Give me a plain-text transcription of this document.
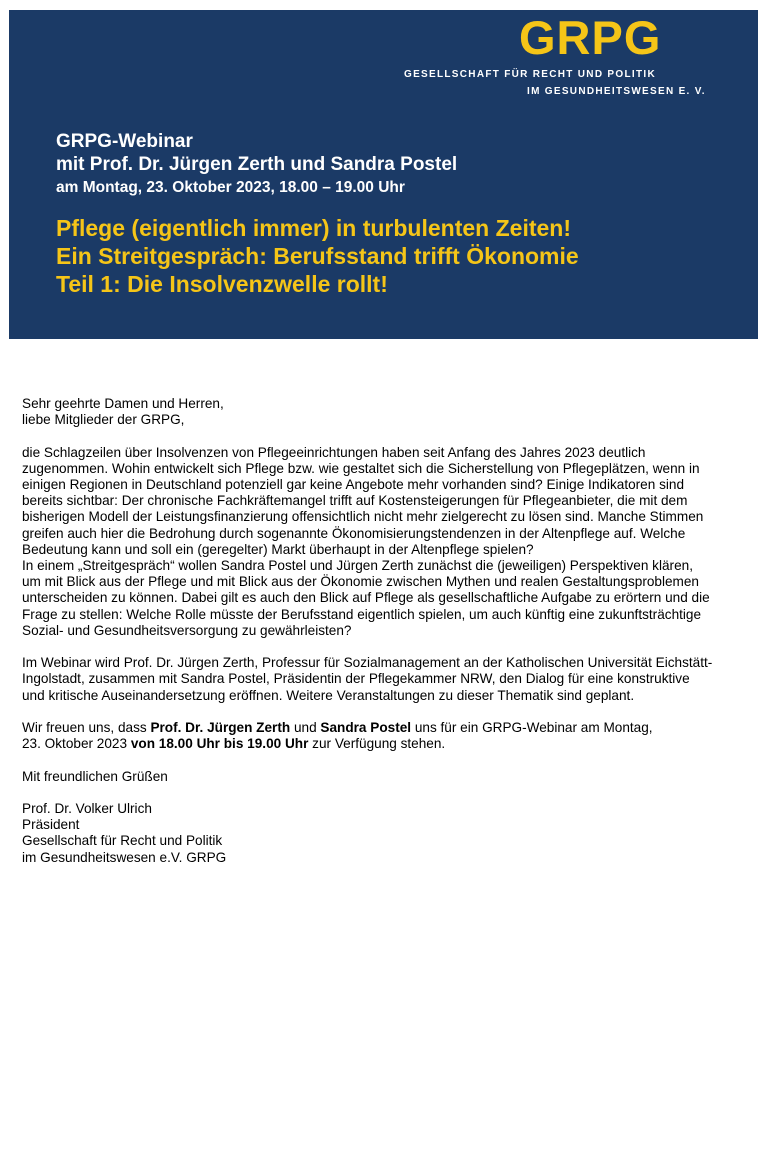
GRPG
GESELLSCHAFT FÜR RECHT UND POLITIK
IM GESUNDHEITSWESEN E. V.
GRPG-Webinar
mit Prof. Dr. Jürgen Zerth und Sandra Postel
am Montag, 23. Oktober 2023, 18.00 – 19.00 Uhr
Pflege (eigentlich immer) in turbulenten Zeiten!
Ein Streitgespräch: Berufsstand trifft Ökonomie
Teil 1: Die Insolvenzwelle rollt!

Sehr geehrte Damen und Herren,
liebe Mitglieder der GRPG,

die Schlagzeilen über Insolvenzen von Pflegeeinrichtungen haben seit Anfang des Jahres 2023 deutlich
zugenommen. Wohin entwickelt sich Pflege bzw. wie gestaltet sich die Sicherstellung von Pflegeplätzen, wenn in
einigen Regionen in Deutschland potenziell gar keine Angebote mehr vorhanden sind? Einige Indikatoren sind
bereits sichtbar: Der chronische Fachkräftemangel trifft auf Kostensteigerungen für Pflegeanbieter, die mit dem
bisherigen Modell der Leistungsfinanzierung offensichtlich nicht mehr zielgerecht zu lösen sind. Manche Stimmen
greifen auch hier die Bedrohung durch sogenannte Ökonomisierungstendenzen in der Altenpflege auf. Welche
Bedeutung kann und soll ein (geregelter) Markt überhaupt in der Altenpflege spielen?
In einem „Streitgespräch“ wollen Sandra Postel und Jürgen Zerth zunächst die (jeweiligen) Perspektiven klären,
um mit Blick aus der Pflege und mit Blick aus der Ökonomie zwischen Mythen und realen Gestaltungsproblemen
unterscheiden zu können. Dabei gilt es auch den Blick auf Pflege als gesellschaftliche Aufgabe zu erörtern und die
Frage zu stellen: Welche Rolle müsste der Berufsstand eigentlich spielen, um auch künftig eine zukunftsträchtige
Sozial- und Gesundheitsversorgung zu gewährleisten?

Im Webinar wird Prof. Dr. Jürgen Zerth, Professur für Sozialmanagement an der Katholischen Universität Eichstätt-
Ingolstadt, zusammen mit Sandra Postel, Präsidentin der Pflegekammer NRW, den Dialog für eine konstruktive
und kritische Auseinandersetzung eröffnen. Weitere Veranstaltungen zu dieser Thematik sind geplant.

Wir freuen uns, dass Prof. Dr. Jürgen Zerth und Sandra Postel uns für ein GRPG-Webinar am Montag,
23. Oktober 2023 von 18.00 Uhr bis 19.00 Uhr zur Verfügung stehen.

Mit freundlichen Grüßen

Prof. Dr. Volker Ulrich
Präsident
Gesellschaft für Recht und Politik
im Gesundheitswesen e.V. GRPG
